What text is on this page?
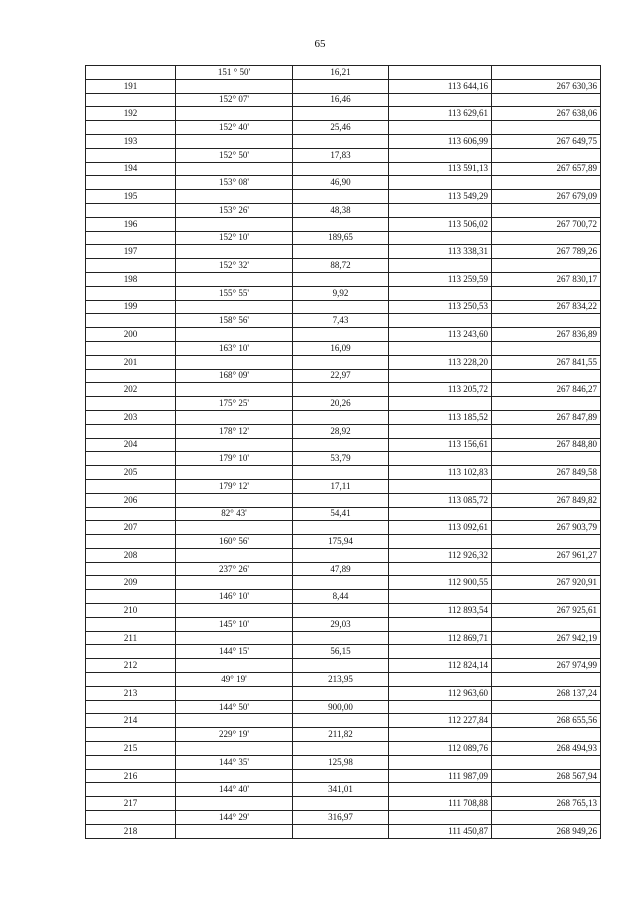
65
	151 ° 50'	16,21		
191			113 644,16	267 630,36
	152° 07'	16,46		
192			113 629,61	267 638,06
	152° 40'	25,46		
193			113 606,99	267 649,75
	152° 50'	17,83		
194			113 591,13	267 657,89
	153° 08'	46,90		
195			113 549,29	267 679,09
	153° 26'	48,38		
196			113 506,02	267 700,72
	152° 10'	189,65		
197			113 338,31	267 789,26
	152° 32'	88,72		
198			113 259,59	267 830,17
	155° 55'	9,92		
199			113 250,53	267 834,22
	158° 56'	7,43		
200			113 243,60	267 836,89
	163° 10'	16,09		
201			113 228,20	267 841,55
	168° 09'	22,97		
202			113 205,72	267 846,27
	175° 25'	20,26		
203			113 185,52	267 847,89
	178° 12'	28,92		
204			113 156,61	267 848,80
	179° 10'	53,79		
205			113 102,83	267 849,58
	179° 12'	17,11		
206			113 085,72	267 849,82
	82° 43'	54,41		
207			113 092,61	267 903,79
	160° 56'	175,94		
208			112 926,32	267 961,27
	237° 26'	47,89		
209			112 900,55	267 920,91
	146° 10'	8,44		
210			112 893,54	267 925,61
	145° 10'	29,03		
211			112 869,71	267 942,19
	144° 15'	56,15		
212			112 824,14	267 974,99
	49° 19'	213,95		
213			112 963,60	268 137,24
	144° 50'	900,00		
214			112 227,84	268 655,56
	229° 19'	211,82		
215			112 089,76	268 494,93
	144° 35'	125,98		
216			111 987,09	268 567,94
	144° 40'	341,01		
217			111 708,88	268 765,13
	144° 29'	316,97		
218			111 450,87	268 949,26
